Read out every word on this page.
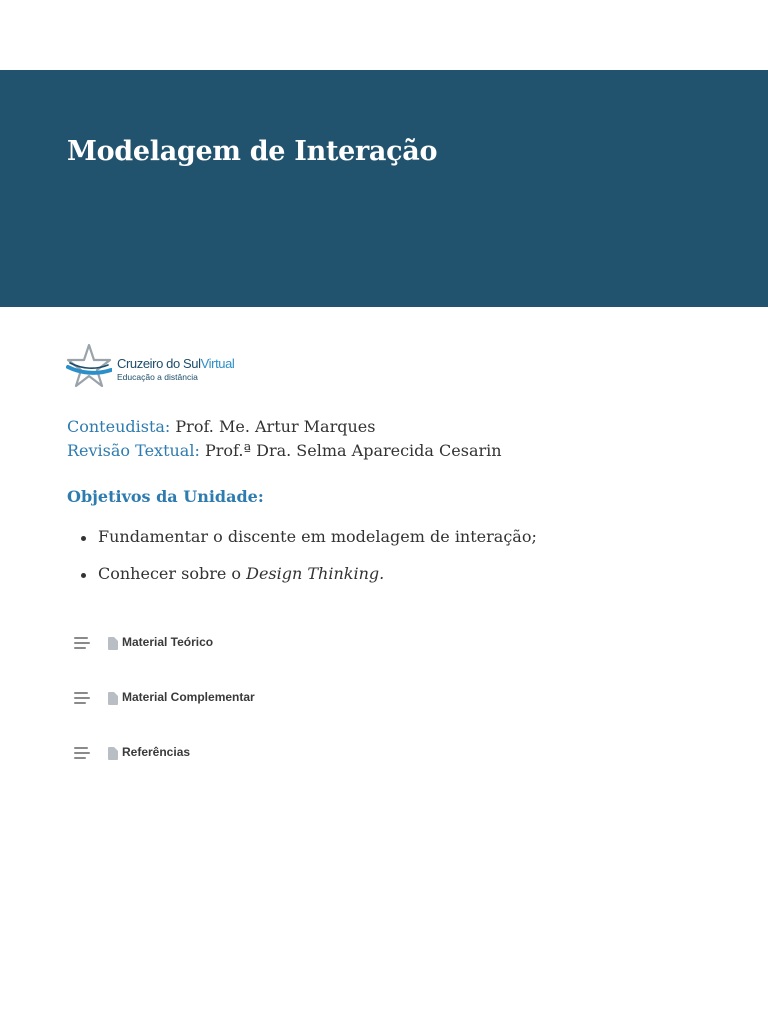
Modelagem de Interação
Cruzeiro do SulVirtual
Educação a distância
Conteudista: Prof. Me. Artur Marques
Revisão Textual: Prof.ª Dra. Selma Aparecida Cesarin
Objetivos da Unidade:
Fundamentar o discente em modelagem de interação;
Conhecer sobre o Design Thinking.
Material Teórico
Material Complementar
Referências
